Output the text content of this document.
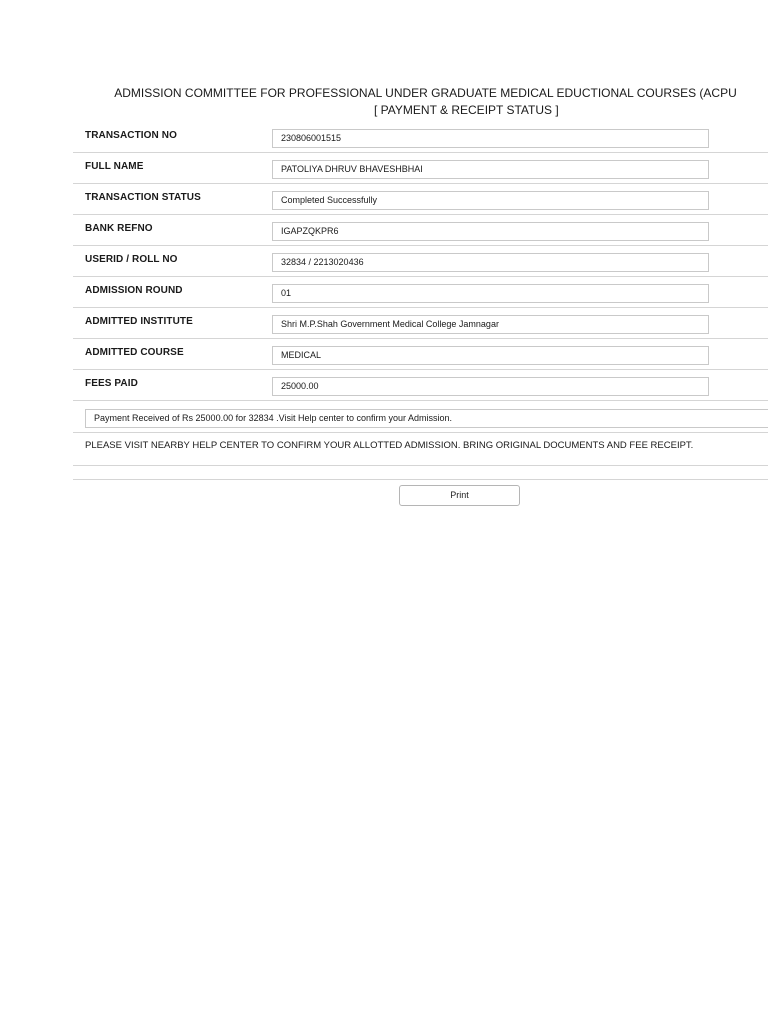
ADMISSION COMMITTEE FOR PROFESSIONAL UNDER GRADUATE MEDICAL EDUCTIONAL COURSES (ACPU
[ PAYMENT & RECEIPT STATUS ]
TRANSACTION NO	230806001515
FULL NAME	PATOLIYA DHRUV BHAVESHBHAI
TRANSACTION STATUS	Completed Successfully
BANK REFNO	IGAPZQKPR6
USERID / ROLL NO	32834 / 2213020436
ADMISSION ROUND	01
ADMITTED INSTITUTE	Shri M.P.Shah Government Medical College Jamnagar
ADMITTED COURSE	MEDICAL
FEES PAID	25000.00
Payment Received of Rs 25000.00 for 32834 .Visit Help center to confirm your Admission.
PLEASE VISIT NEARBY HELP CENTER TO CONFIRM YOUR ALLOTTED ADMISSION. BRING ORIGINAL DOCUMENTS AND FEE RECEIPT.
Print
